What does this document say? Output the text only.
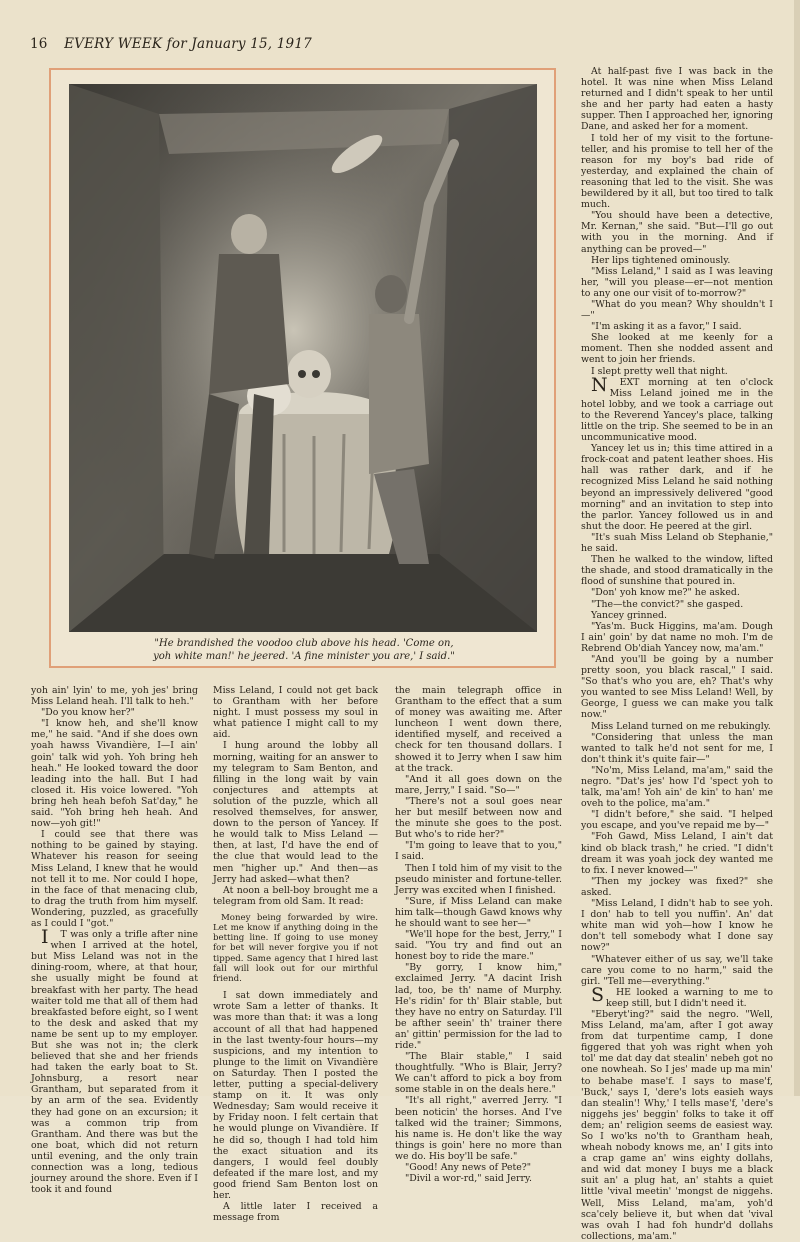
16 EVERY WEEK for January 15, 1917
"He brandished the voodoo club above his head. 'Come on,
yoh white man!' he jeered. 'A fine minister you are,' I said."

At half-past five I was back in the hotel. It was nine when Miss Leland returned and I didn't speak to her until she and her party had eaten a hasty supper. Then I approached her, ignoring Dane, and asked her for a moment.

I told her of my visit to the fortune-teller, and his promise to tell her of the reason for my boy's bad ride of yesterday, and explained the chain of reasoning that led to the visit. She was bewildered by it all, but too tired to talk much.

"You should have been a detective, Mr. Kernan," she said. "But—I'll go out with you in the morning. And if anything can be proved—"

Her lips tightened ominously.

"Miss Leland," I said as I was leaving her, "will you please—er—not mention to any one our visit of to-morrow?"

"What do you mean? Why shouldn't I—"

"I'm asking it as a favor," I said.

She looked at me keenly for a moment. Then she nodded assent and went to join her friends.

I slept pretty well that night.

NEXT morning at ten o'clock Miss Leland joined me in the hotel lobby, and we took a carriage out to the Reverend Yancey's place, talking little on the trip. She seemed to be in an uncommunicative mood.

Yancey let us in; this time attired in a frock-coat and patent leather shoes. His hall was rather dark, and if he recognized Miss Leland he said nothing beyond an impressively delivered "good morning" and an invitation to step into the parlor. Yancey followed us in and shut the door. He peered at the girl.

"It's suah Miss Leland ob Stephanie," he said.

Then he walked to the window, lifted the shade, and stood dramatically in the flood of sunshine that poured in.

"Don' yoh know me?" he asked.

"The—the convict?" she gasped.

Yancey grinned.

"Yas'm. Buck Higgins, ma'am. Dough I ain' goin' by dat name no moh. I'm de Rebrend Ob'diah Yancey now, ma'am."

"And you'll be going by a number pretty soon, you black rascal," I said. "So that's who you are, eh? That's why you wanted to see Miss Leland! Well, by George, I guess we can make you talk now."

Miss Leland turned on me rebukingly.

"Considering that unless the man wanted to talk he'd not sent for me, I don't think it's quite fair—"

"No'm, Miss Leland, ma'am," said the negro. "Dat's jes' how I'd 'spect yoh to talk, ma'am! Yoh ain' de kin' to han' me oveh to the police, ma'am."

"I didn't before," she said. "I helped you escape, and you've repaid me by—"

"Foh Gawd, Miss Leland, I ain't dat kind ob black trash," he cried. "I didn't dream it was yoah jock dey wanted me to fix. I never knowed—"

"Then my jockey was fixed?" she asked.

"Miss Leland, I didn't hab to see yoh. I don' hab to tell you nuffin'. An' dat white man wid yoh—how I know he don't tell somebody what I done say now?"

"Whatever either of us say, we'll take care you come to no harm," said the girl. "Tell me—everything."

SHE looked a warning to me to keep still, but I didn't need it.

"Eberyt'ing?" said the negro. "Well, Miss Leland, ma'am, after I got away from dat turpentime camp, I done figgered that yoh was right when yoh tol' me dat day dat stealin' nebeh got no one nowheah. So I jes' made up ma min' to behabe mase'f. I says to mase'f, 'Buck,' says I, 'dere's lots easieh ways dan stealin'! Why,' I tells mase'f, 'dere's niggehs jes' beggin' folks to take it off dem; an' religion seems de easiest way. So I wo'ks no'th to Grantham heah, wheah nobody knows me, an' I gits into a crap game an' wins eighty dollahs, and wid dat money I buys me a black suit an' a plug hat, an' stahts a quiet little 'vival meetin' 'mongst de niggehs. Well, Miss Leland, ma'am, yoh'd sca'cely believe it, but when dat 'vival was ovah I had foh hundr'd dollahs collections, ma'am."

yoh ain' lyin' to me, yoh jes' bring Miss Leland heah. I'll talk to heh."

"Do you know her?"

"I know heh, and she'll know me," he said. "And if she does own yoah hawss Vivandière, I—I ain' goin' talk wid yoh. Yoh bring heh heah." He looked toward the door leading into the hall. But I had closed it. His voice lowered. "Yoh bring heh heah befoh Sat'day," he said. "Yoh bring heh heah. And now—yoh git!"

I could see that there was nothing to be gained by staying. Whatever his reason for seeing Miss Leland, I knew that he would not tell it to me. Nor could I hope, in the face of that menacing club, to drag the truth from him myself. Wondering, puzzled, as gracefully as I could I "got."

IT was only a trifle after nine when I arrived at the hotel, but Miss Leland was not in the dining-room, where, at that hour, she usually might be found at breakfast with her party. The head waiter told me that all of them had breakfasted before eight, so I went to the desk and asked that my name be sent up to my employer. But she was not in; the clerk believed that she and her friends had taken the early boat to St. Johnsburg, a resort near Grantham, but separated from it by an arm of the sea. Evidently they had gone on an excursion; it was a common trip from Grantham. And there was but the one boat, which did not return until evening, and the only train connection was a long, tedious journey around the shore. Even if I took it and found

Miss Leland, I could not get back to Grantham with her before night. I must possess my soul in what patience I might call to my aid.

I hung around the lobby all morning, waiting for an answer to my telegram to Sam Benton, and filling in the long wait by vain conjectures and attempts at solution of the puzzle, which all resolved themselves, for answer, down to the person of Yancey. If he would talk to Miss Leland —then, at last, I'd have the end of the clue that would lead to the men "higher up." And then—as Jerry had asked—what then?

At noon a bell-boy brought me a telegram from old Sam. It read:

Money being forwarded by wire. Let me know if anything doing in the betting line. If going to use money for bet will never forgive you if not tipped. Same agency that I hired last fall will look out for our mirthful friend.

I sat down immediately and wrote Sam a letter of thanks. It was more than that: it was a long account of all that had happened in the last twenty-four hours—my suspicions, and my intention to plunge to the limit on Vivandière on Saturday. Then I posted the letter, putting a special-delivery stamp on it. It was only Wednesday; Sam would receive it by Friday noon. I felt certain that he would plunge on Vivandière. If he did so, though I had told him the exact situation and its dangers, I would feel doubly defeated if the mare lost, and my good friend Sam Benton lost on her.

A little later I received a message from

the main telegraph office in Grantham to the effect that a sum of money was awaiting me. After luncheon I went down there, identified myself, and received a check for ten thousand dollars. I showed it to Jerry when I saw him at the track.

"And it all goes down on the mare, Jerry," I said. "So—"

"There's not a soul goes near her but mesilf between now and the minute she goes to the post. But who's to ride her?"

"I'm going to leave that to you," I said.

Then I told him of my visit to the pseudo minister and fortune-teller. Jerry was excited when I finished.

"Sure, if Miss Leland can make him talk—though Gawd knows why he should want to see her—"

"We'll hope for the best, Jerry," I said. "You try and find out an honest boy to ride the mare."

"By gorry, I know him," exclaimed Jerry. "A dacint Irish lad, too, be th' name of Murphy. He's ridin' for th' Blair stable, but they have no entry on Saturday. I'll be afther seein' th' trainer there an' gittin' permission for the lad to ride."

"The Blair stable," I said thoughtfully. "Who is Blair, Jerry? We can't afford to pick a boy from some stable in on the deals here."

"It's all right," averred Jerry. "I been noticin' the horses. And I've talked wid the trainer; Simmons, his name is. He don't like the way things is goin' here no more than we do. His boy'll be safe."

"Good! Any news of Pete?"

"Divil a wor-rd," said Jerry.
